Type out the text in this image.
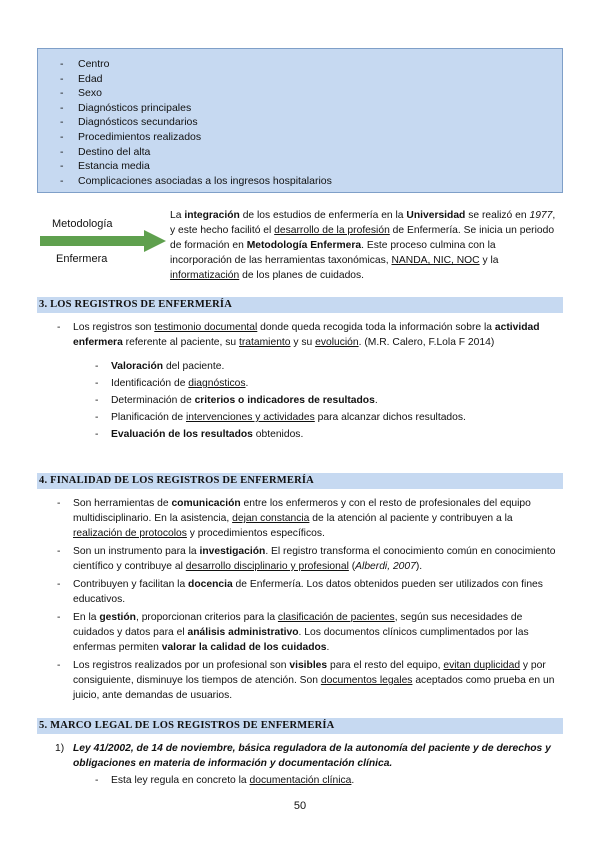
- Centro
- Edad
- Sexo
- Diagnósticos principales
- Diagnósticos secundarios
- Procedimientos realizados
- Destino del alta
- Estancia media
- Complicaciones asociadas a los ingresos hospitalarios
Metodología
Enfermera
La integración de los estudios de enfermería en la Universidad se realizó en 1977, y este hecho facilitó el desarrollo de la profesión de Enfermería. Se inicia un periodo de formación en Metodología Enfermera. Este proceso culmina con la incorporación de las herramientas taxonómicas, NANDA, NIC, NOC y la informatización de los planes de cuidados.
3. LOS REGISTROS DE ENFERMERÍA
- Los registros son testimonio documental donde queda recogida toda la información sobre la actividad enfermera referente al paciente, su tratamiento y su evolución. (M.R. Calero, F.Lola F 2014)
- Valoración del paciente.
- Identificación de diagnósticos.
- Determinación de criterios o indicadores de resultados.
- Planificación de intervenciones y actividades para alcanzar dichos resultados.
- Evaluación de los resultados obtenidos.
4. FINALIDAD DE LOS REGISTROS DE ENFERMERÍA
- Son herramientas de comunicación entre los enfermeros y con el resto de profesionales del equipo multidisciplinario. En la asistencia, dejan constancia de la atención al paciente y contribuyen a la realización de protocolos y procedimientos específicos.
- Son un instrumento para la investigación. El registro transforma el conocimiento común en conocimiento científico y contribuye al desarrollo disciplinario y profesional (Alberdi, 2007).
- Contribuyen y facilitan la docencia de Enfermería. Los datos obtenidos pueden ser utilizados con fines educativos.
- En la gestión, proporcionan criterios para la clasificación de pacientes, según sus necesidades de cuidados y datos para el análisis administrativo. Los documentos clínicos cumplimentados por las enfermas permiten valorar la calidad de los cuidados.
- Los registros realizados por un profesional son visibles para el resto del equipo, evitan duplicidad y por consiguiente, disminuye los tiempos de atención. Son documentos legales aceptados como prueba en un juicio, ante demandas de usuarios.
5. MARCO LEGAL DE LOS REGISTROS DE ENFERMERÍA
1) Ley 41/2002, de 14 de noviembre, básica reguladora de la autonomía del paciente y de derechos y obligaciones en materia de información y documentación clínica.
- Esta ley regula en concreto la documentación clínica.
50
